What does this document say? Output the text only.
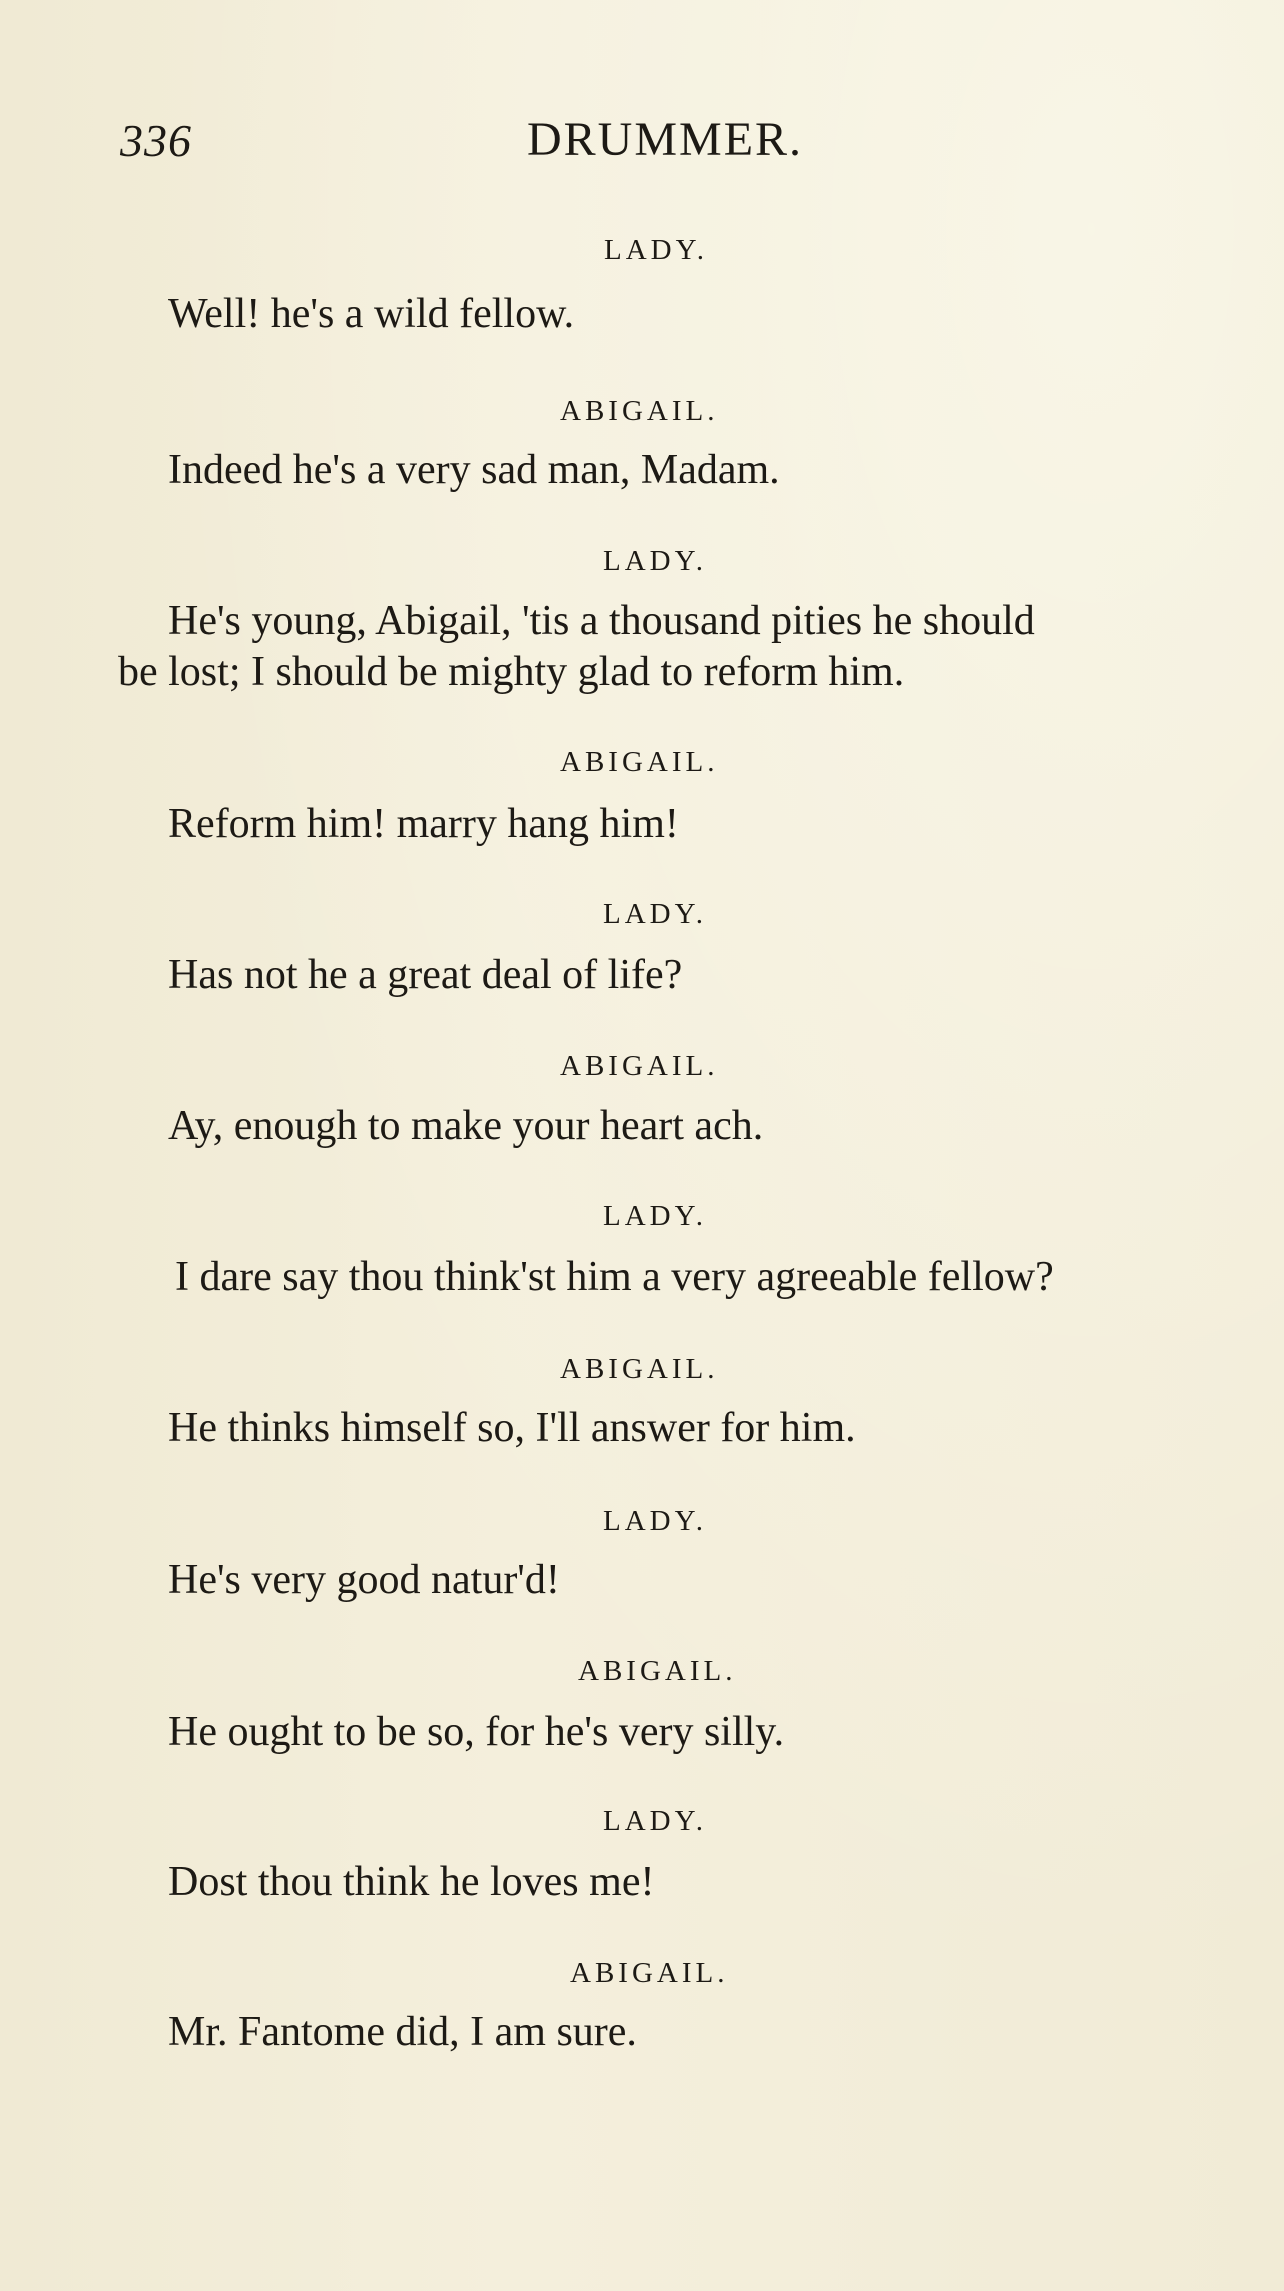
336	DRUMMER.
LADY.
Well! he's a wild fellow.
ABIGAIL.
Indeed he's a very sad man, Madam.
LADY.
He's young, Abigail, 'tis a thousand pities he should
be lost; I should be mighty glad to reform him.
ABIGAIL.
Reform him! marry hang him!
LADY.
Has not he a great deal of life?
ABIGAIL.
Ay, enough to make your heart ach.
LADY.
I dare say thou think'st him a very agreeable fellow?
ABIGAIL.
He thinks himself so, I'll answer for him.
LADY.
He's very good natur'd!
ABIGAIL.
He ought to be so, for he's very silly.
LADY.
Dost thou think he loves me!
ABIGAIL.
Mr. Fantome did, I am sure.
